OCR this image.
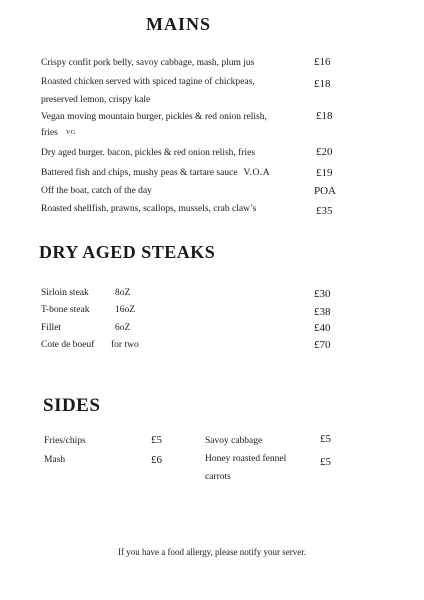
MAINS
Crispy confit pork belly, savoy cabbage, mash, plum jus	£16
Roasted chicken served with spiced tagine of chickpeas,
preserved lemon, crispy kale
£18
Vegan moving mountain burger, pickles & red onion relish,
fries VG
£18
Dry aged burger. bacon, pickles & red onion relish, fries	£20
Battered fish and chips, mushy peas & tartare sauce V.O.A	£19
Off the boat, catch of the day	POA
Roasted shellfish, prawns, scallops, mussels, crab claw’s	£35
DRY AGED STEAKS
Sirloin steak	8oZ	£30
T-bone steak	16oZ	£38
Fillet	6oZ	£40
Cote de boeuf for two	£70
SIDES
Fries/chips	£5
Mash	£6
Savoy cabbage	£5
Honey roasted fennel
carrots
£5
If you have a food allergy, please notify your server.
